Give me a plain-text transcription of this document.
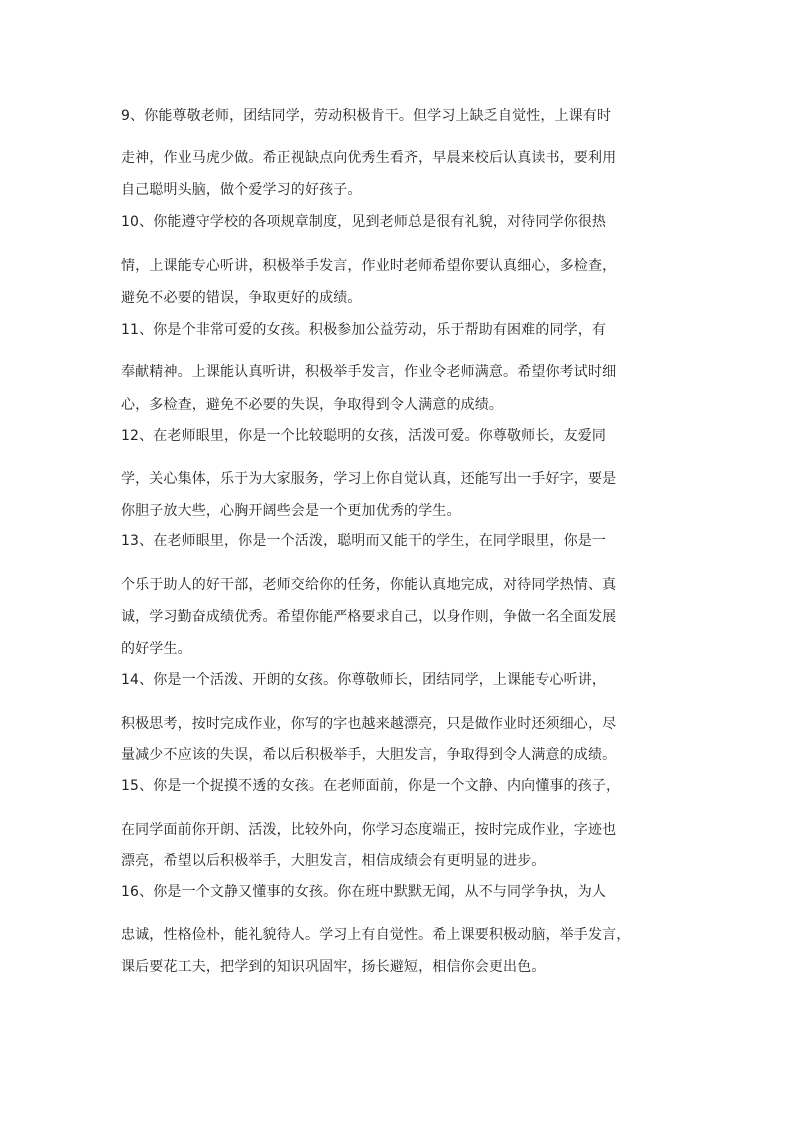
9、你能尊敬老师，团结同学，劳动积极肯干。但学习上缺乏自觉性，上课有时

走神，作业马虎少做。希正视缺点向优秀生看齐，早晨来校后认真读书，要利用

自己聪明头脑，做个爱学习的好孩子。

10、你能遵守学校的各项规章制度，见到老师总是很有礼貌，对待同学你很热

情，上课能专心听讲，积极举手发言，作业时老师希望你要认真细心，多检查，

避免不必要的错误，争取更好的成绩。

11、你是个非常可爱的女孩。积极参加公益劳动，乐于帮助有困难的同学，有

奉献精神。上课能认真听讲，积极举手发言，作业令老师满意。希望你考试时细

心，多检查，避免不必要的失误，争取得到令人满意的成绩。

12、在老师眼里，你是一个比较聪明的女孩，活泼可爱。你尊敬师长，友爱同

学，关心集体，乐于为大家服务，学习上你自觉认真，还能写出一手好字，要是

你胆子放大些，心胸开阔些会是一个更加优秀的学生。

13、在老师眼里，你是一个活泼，聪明而又能干的学生，在同学眼里，你是一

个乐于助人的好干部，老师交给你的任务，你能认真地完成，对待同学热情、真

诚，学习勤奋成绩优秀。希望你能严格要求自己，以身作则，争做一名全面发展

的好学生。

14、你是一个活泼、开朗的女孩。你尊敬师长，团结同学，上课能专心听讲，

积极思考，按时完成作业，你写的字也越来越漂亮，只是做作业时还须细心，尽

量减少不应该的失误，希以后积极举手，大胆发言，争取得到令人满意的成绩。

15、你是一个捉摸不透的女孩。在老师面前，你是一个文静、内向懂事的孩子，

在同学面前你开朗、活泼，比较外向，你学习态度端正，按时完成作业，字迹也

漂亮，希望以后积极举手，大胆发言，相信成绩会有更明显的进步。

16、你是一个文静又懂事的女孩。你在班中默默无闻，从不与同学争执，为人

忠诚，性格俭朴，能礼貌待人。学习上有自觉性。希上课要积极动脑，举手发言，

课后要花工夫，把学到的知识巩固牢，扬长避短，相信你会更出色。
